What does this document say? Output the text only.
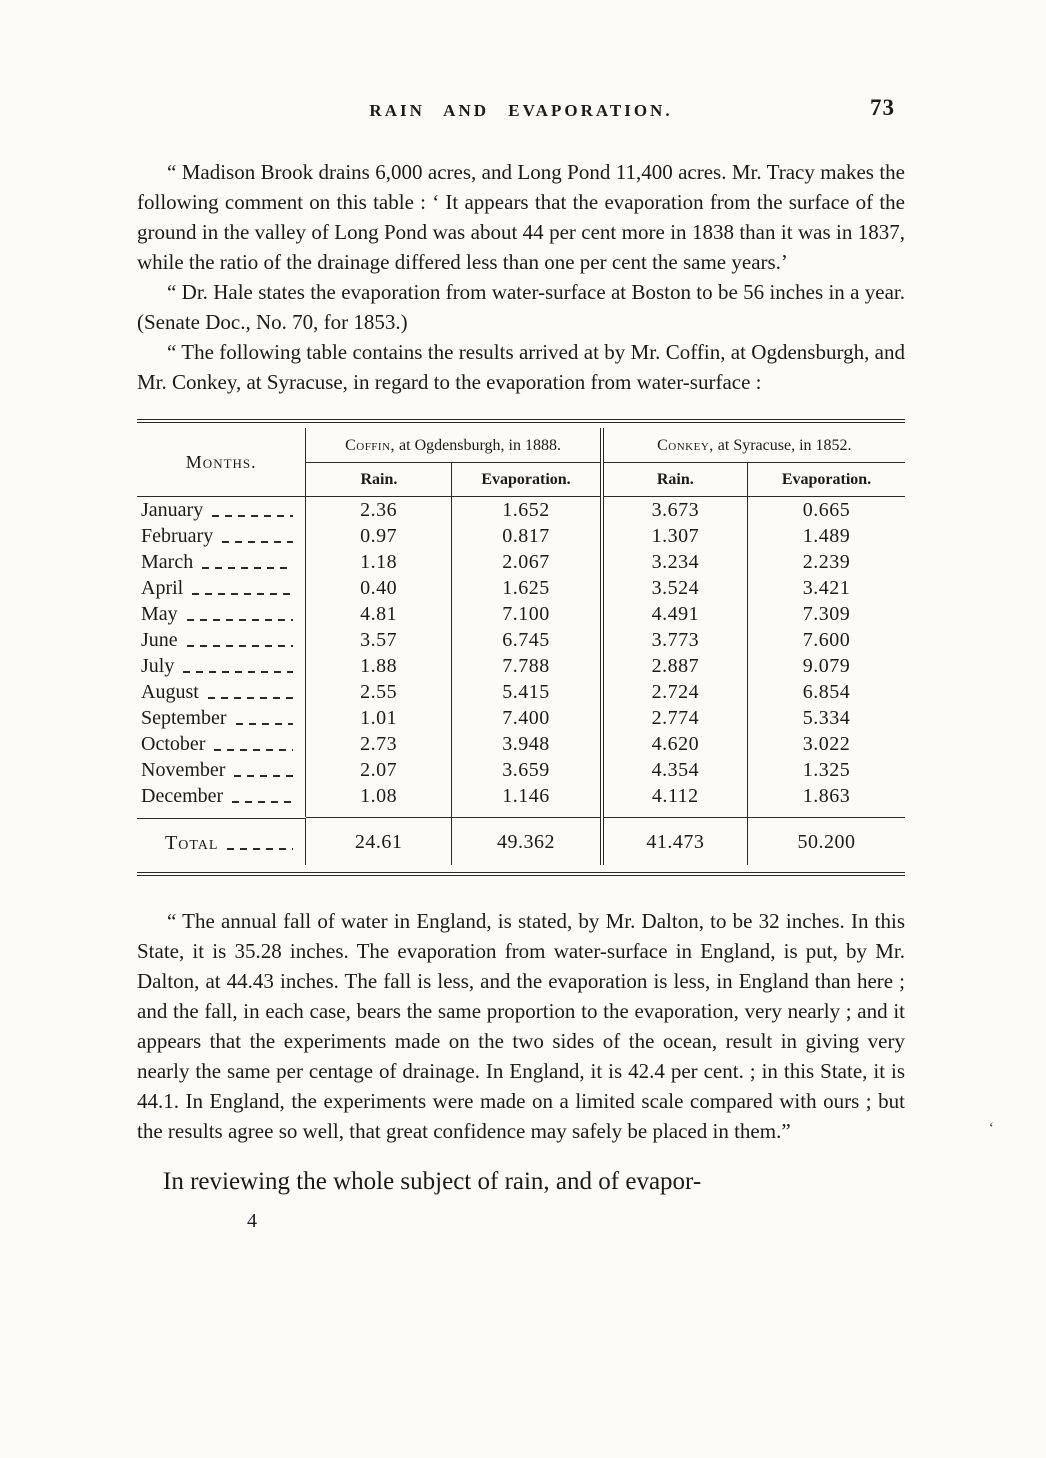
RAIN AND EVAPORATION.	73

“ Madison Brook drains 6,000 acres, and Long Pond 11,400 acres. Mr. Tracy makes the following comment on this table : ‘ It appears that the evaporation from the surface of the ground in the valley of Long Pond was about 44 per cent more in 1838 than it was in 1837, while the ratio of the drainage differed less than one per cent the same years.’

“ Dr. Hale states the evaporation from water-surface at Boston to be 56 inches in a year. (Senate Doc., No. 70, for 1853.)

“ The following table contains the results arrived at by Mr. Coffin, at Ogdensburgh, and Mr. Conkey, at Syracuse, in regard to the evaporation from water-surface :

Months.	Coffin, at Ogdensburgh, in 1888.		Conkey, at Syracuse, in 1852.	
	Rain.	Evaporation.	Rain.	Evaporation.

January	2.36	1.652	3.673	0.665

February	0.97	0.817	1.307	1.489

March	1.18	2.067	3.234	2.239

April	0.40	1.625	3.524	3.421

May	4.81	7.100	4.491	7.309

June	3.57	6.745	3.773	7.600

July	1.88	7.788	2.887	9.079

August	2.55	5.415	2.724	6.854

September	1.01	7.400	2.774	5.334

October	2.73	3.948	4.620	3.022

November	2.07	3.659	4.354	1.325

December	1.08	1.146	4.112	1.863

Total	24.61	49.362	41.473	50.200

“ The annual fall of water in England, is stated, by Mr. Dalton, to be 32 inches. In this State, it is 35.28 inches. The evaporation from water-surface in England, is put, by Mr. Dalton, at 44.43 inches. The fall is less, and the evaporation is less, in England than here ; and the fall, in each case, bears the same proportion to the evaporation, very nearly ; and it appears that the experiments made on the two sides of the ocean, result in giving very nearly the same per centage of drainage. In England, it is 42.4 per cent. ; in this State, it is 44.1. In England, the experiments were made on a limited scale compared with ours ; but the results agree so well, that great confidence may safely be placed in them.”

In reviewing the whole subject of rain, and of evapor-

4
‘
